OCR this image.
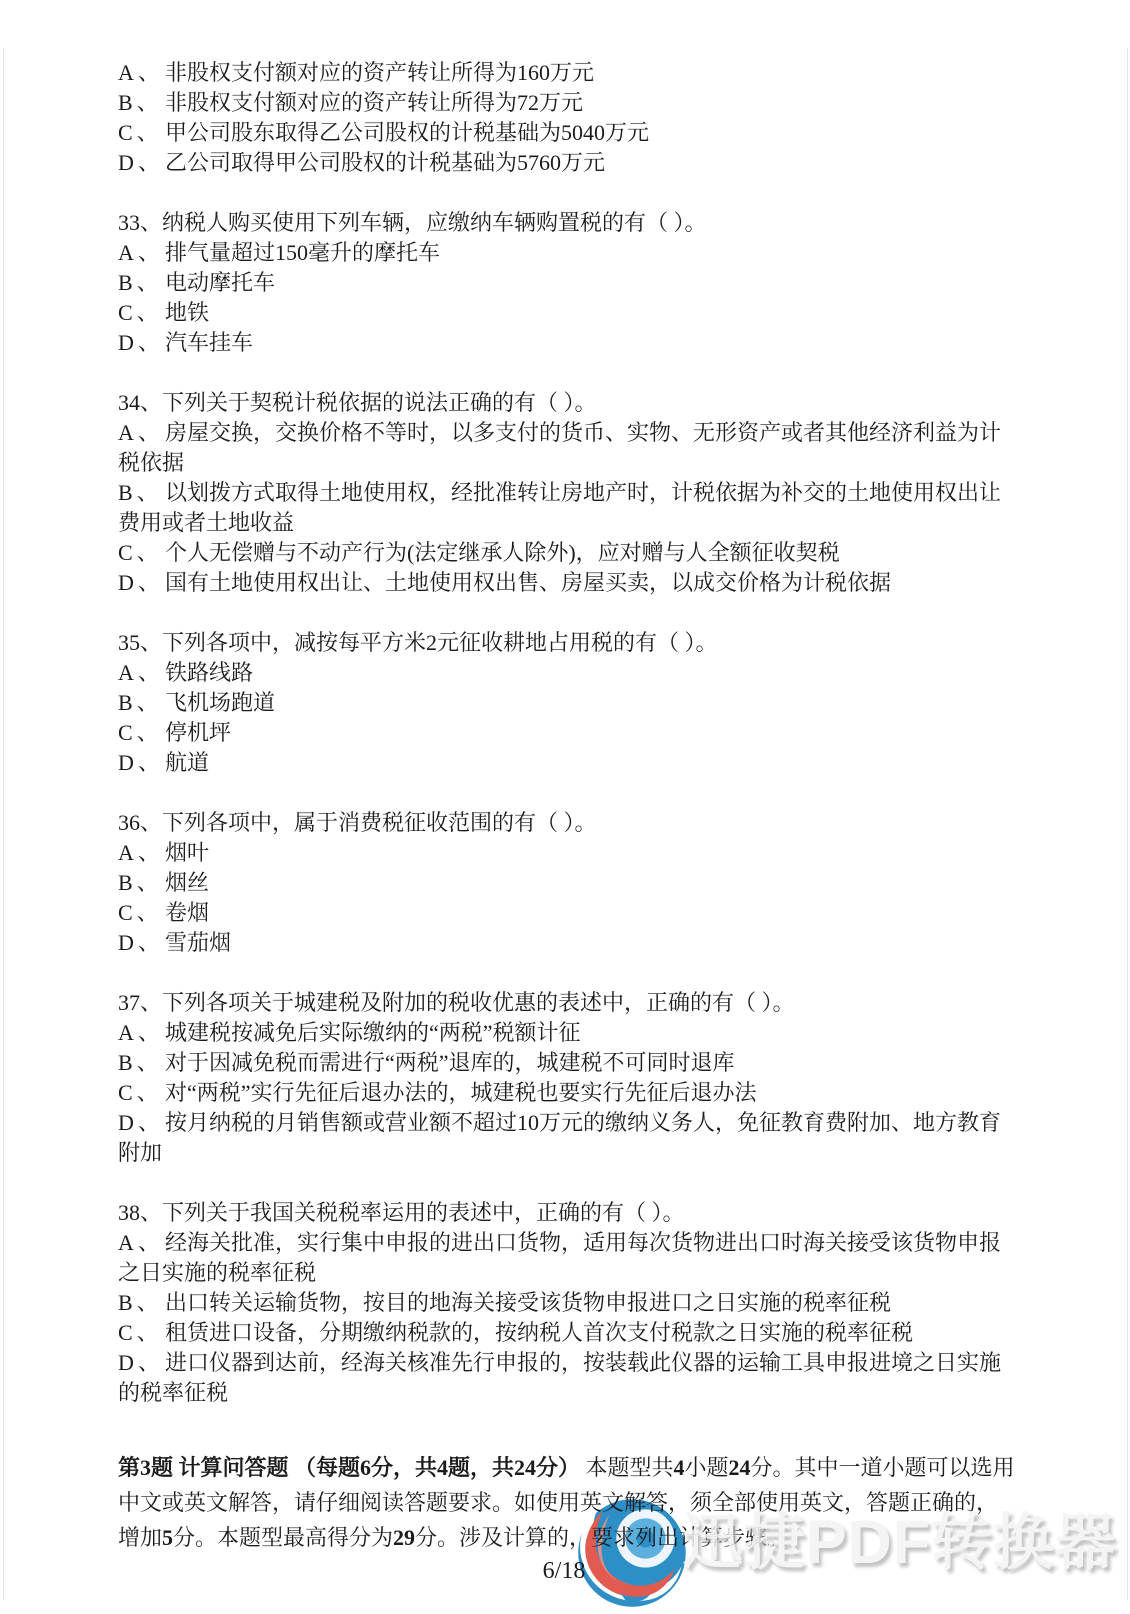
A、非股权支付额对应的资产转让所得为160万元
B、 非股权支付额对应的资产转让所得为72万元
C、 甲公司股东取得乙公司股权的计税基础为5040万元
D、乙公司取得甲公司股权的计税基础为5760万元
33、纳税人购买使用下列车辆，应缴纳车辆购置税的有（ ）。
A、排气量超过150毫升的摩托车
B、 电动摩托车
C、 地铁
D、汽车挂车
34、下列关于契税计税依据的说法正确的有（ ）。
A、房屋交换，交换价格不等时，以多支付的货币、实物、无形资产或者其他经济利益为计税依据
B、 以划拨方式取得土地使用权，经批准转让房地产时，计税依据为补交的土地使用权出让费用或者土地收益
C、 个人无偿赠与不动产行为(法定继承人除外)，应对赠与人全额征收契税
D、国有土地使用权出让、土地使用权出售、房屋买卖，以成交价格为计税依据
35、下列各项中，减按每平方米2元征收耕地占用税的有（ ）。
A、铁路线路
B、 飞机场跑道
C、 停机坪
D、航道
36、下列各项中，属于消费税征收范围的有（ ）。
A、烟叶
B、 烟丝
C、 卷烟
D、雪茄烟
37、下列各项关于城建税及附加的税收优惠的表述中，正确的有（ ）。
A、城建税按减免后实际缴纳的“两税”税额计征
B、 对于因减免税而需进行“两税”退库的，城建税不可同时退库
C、 对“两税”实行先征后退办法的，城建税也要实行先征后退办法
D、按月纳税的月销售额或营业额不超过10万元的缴纳义务人，免征教育费附加、地方教育附加
38、下列关于我国关税税率运用的表述中，正确的有（ ）。
A、经海关批准，实行集中申报的进出口货物，适用每次货物进出口时海关接受该货物申报之日实施的税率征税
B、 出口转关运输货物，按目的地海关接受该货物申报进口之日实施的税率征税
C、 租赁进口设备，分期缴纳税款的，按纳税人首次支付税款之日实施的税率征税
D、进口仪器到达前，经海关核准先行申报的，按装载此仪器的运输工具申报进境之日实施的税率征税
第3题 计算问答题 （每题6分，共4题，共24分） 本题型共4小题24分。其中一道小题可以选用中文或英文解答，请仔细阅读答题要求。如使用英文解答，须全部使用英文，答题正确的，增加5分。本题型最高得分为29分。涉及计算的，要求列出计算步骤。
6/18	迅捷PDF转换器
